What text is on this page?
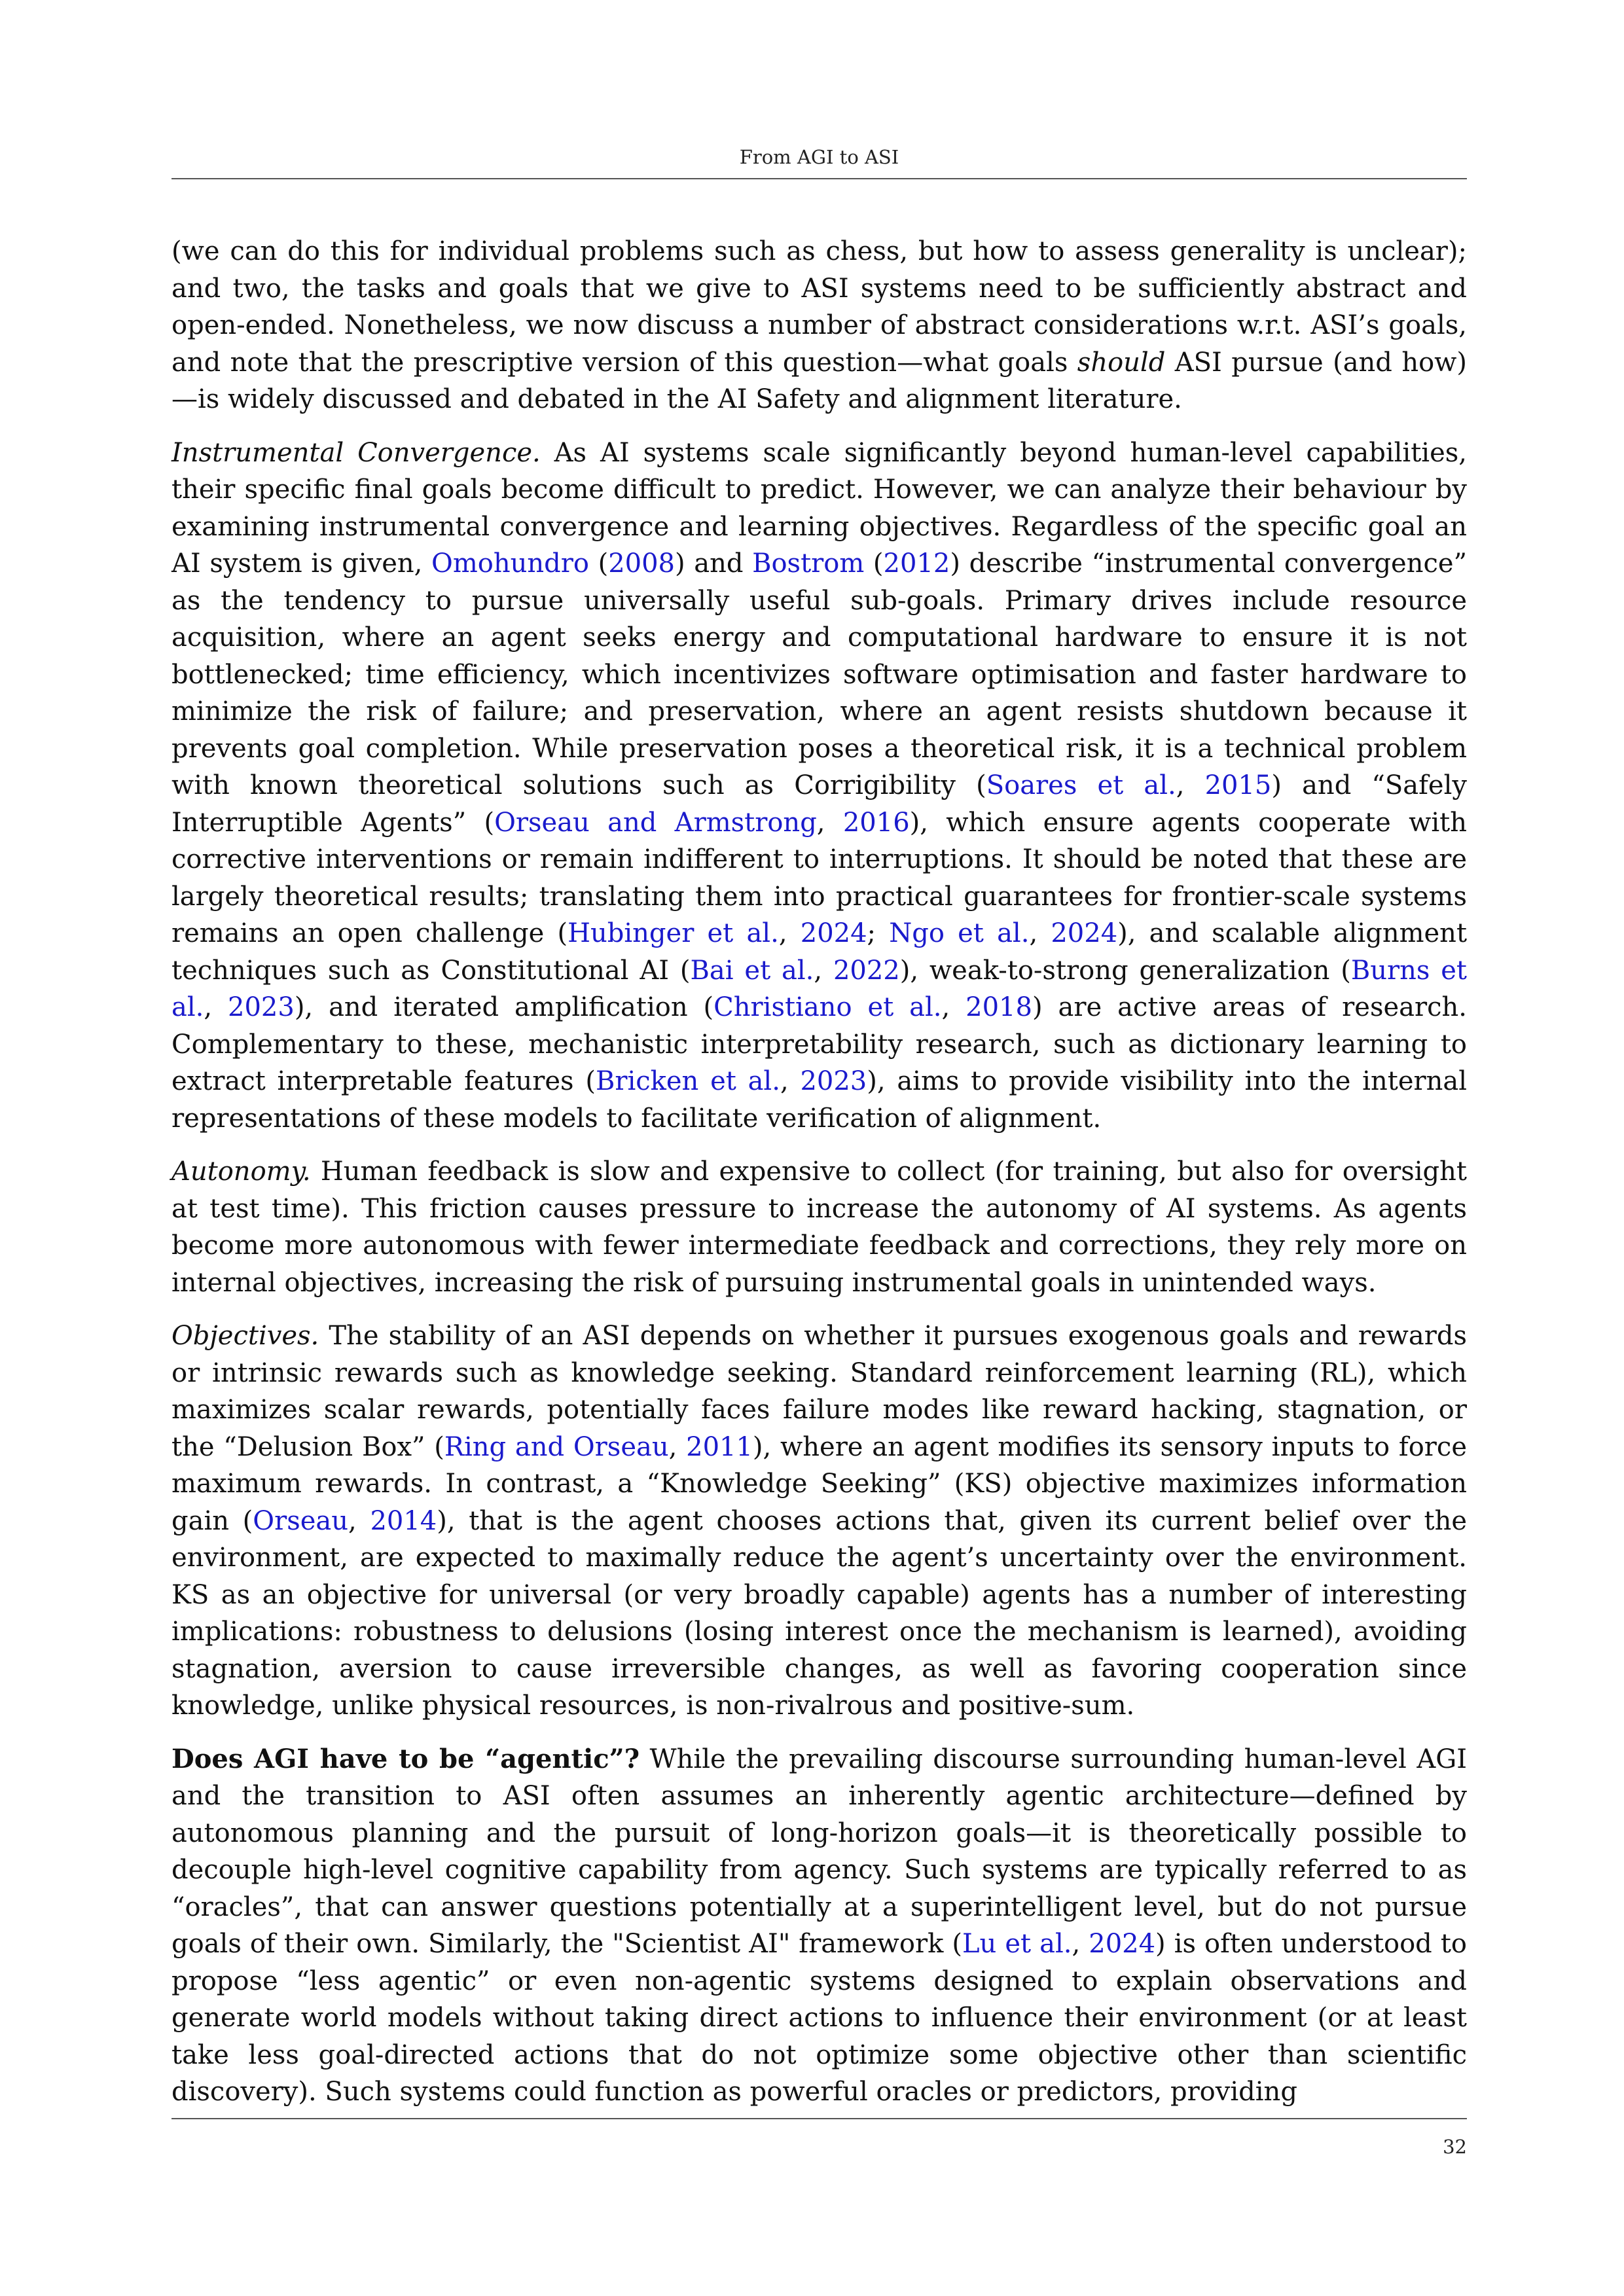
From AGI to ASI

(we can do this for individual problems such as chess, but how to assess generality is unclear); and two, the tasks and goals that we give to ASI systems need to be sufficiently abstract and open-ended. Nonetheless, we now discuss a number of abstract considerations w.r.t. ASI’s goals, and note that the prescriptive version of this question—what goals should ASI pursue (and how)—is widely discussed and debated in the AI Safety and alignment literature.

Instrumental Convergence. As AI systems scale significantly beyond human-level capabilities, their specific final goals become difficult to predict. However, we can analyze their behaviour by examining instrumental convergence and learning objectives. Regardless of the specific goal an AI system is given, Omohundro (2008) and Bostrom (2012) describe “instrumental convergence” as the tendency to pursue universally useful sub-goals. Primary drives include resource acquisition, where an agent seeks energy and computational hardware to ensure it is not bottlenecked; time efficiency, which incentivizes software optimisation and faster hardware to minimize the risk of failure; and preservation, where an agent resists shutdown because it prevents goal completion. While preservation poses a theoretical risk, it is a technical problem with known theoretical solutions such as Corrigibility (Soares et al., 2015) and “Safely Interruptible Agents” (Orseau and Armstrong, 2016), which ensure agents cooperate with corrective interventions or remain indifferent to interruptions. It should be noted that these are largely theoretical results; translating them into practical guarantees for frontier-scale systems remains an open challenge (Hubinger et al., 2024; Ngo et al., 2024), and scalable alignment techniques such as Constitutional AI (Bai et al., 2022), weak-to-strong generalization (Burns et al., 2023), and iterated amplification (Christiano et al., 2018) are active areas of research. Complementary to these, mechanistic interpretability research, such as dictionary learning to extract interpretable features (Bricken et al., 2023), aims to provide visibility into the internal representations of these models to facilitate verification of alignment.

Autonomy. Human feedback is slow and expensive to collect (for training, but also for oversight at test time). This friction causes pressure to increase the autonomy of AI systems. As agents become more autonomous with fewer intermediate feedback and corrections, they rely more on internal objectives, increasing the risk of pursuing instrumental goals in unintended ways.

Objectives. The stability of an ASI depends on whether it pursues exogenous goals and rewards or intrinsic rewards such as knowledge seeking. Standard reinforcement learning (RL), which maximizes scalar rewards, potentially faces failure modes like reward hacking, stagnation, or the “Delusion Box” (Ring and Orseau, 2011), where an agent modifies its sensory inputs to force maximum rewards. In contrast, a “Knowledge Seeking” (KS) objective maximizes information gain (Orseau, 2014), that is the agent chooses actions that, given its current belief over the environment, are expected to maximally reduce the agent’s uncertainty over the environment. KS as an objective for universal (or very broadly capable) agents has a number of interesting implications: robustness to delusions (losing interest once the mechanism is learned), avoiding stagnation, aversion to cause irreversible changes, as well as favoring cooperation since knowledge, unlike physical resources, is non-rivalrous and positive-sum.

Does AGI have to be “agentic”? While the prevailing discourse surrounding human-level AGI and the transition to ASI often assumes an inherently agentic architecture—defined by autonomous planning and the pursuit of long-horizon goals—it is theoretically possible to decouple high-level cognitive capability from agency. Such systems are typically referred to as “oracles”, that can answer questions potentially at a superintelligent level, but do not pursue goals of their own. Similarly, the "Scientist AI" framework (Lu et al., 2024) is often understood to propose “less agentic” or even non-agentic systems designed to explain observations and generate world models without taking direct actions to influence their environment (or at least take less goal-directed actions that do not optimize some objective other than scientific discovery). Such systems could function as powerful oracles or predictors, providing

32
